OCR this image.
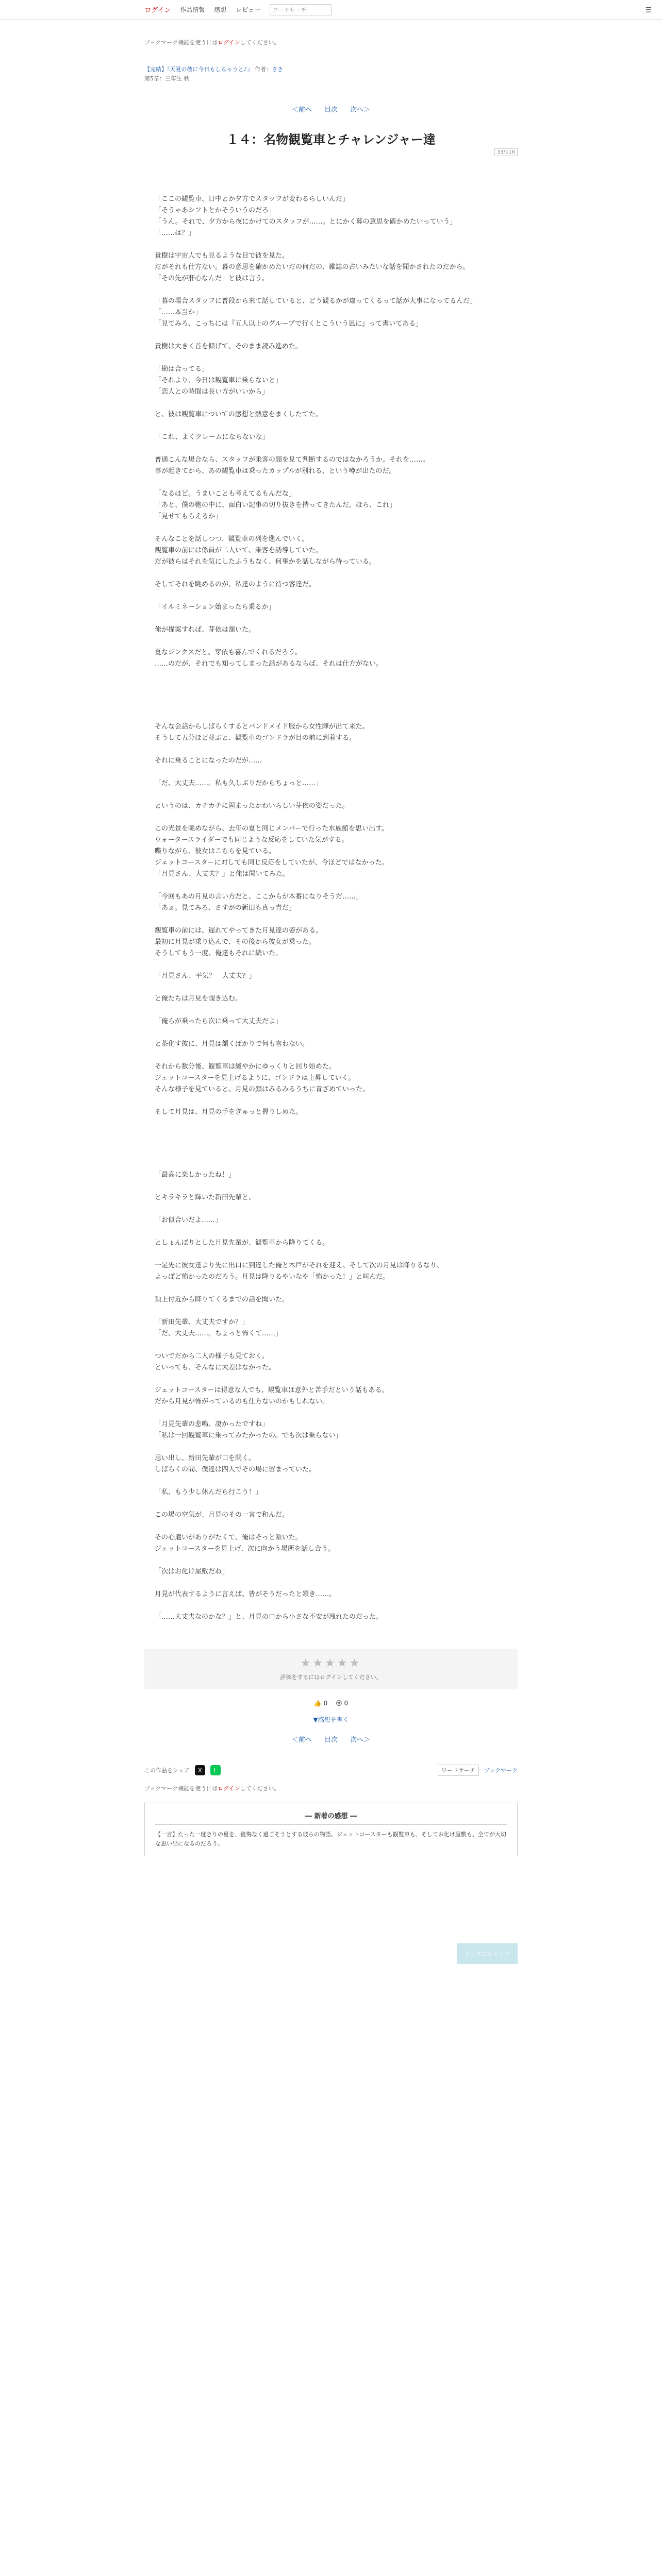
ログイン 作品情報 感想 レビュー	ワードサーチ	☰
ブックマーク機能を使うにはログインしてください。
【完結】『天夏の彼に今日もしちゃうと♪』 作者：さき
第5章：三年生 秋
＜前へ 目次 次へ＞
33/116
１４：名物観覧車とチャレンジャー達

「ここの観覧車、日中とか夕方でスタッフが変わるらしいんだ」

「そうゃあシフトとかそういうのだろ」

「うん。それで、夕方から夜にかけてのスタッフが……。とにかく暮の意思を確かめたいっていう」

「……は？」

貴樹は宇宙人でも見るような目で彼を見た。

だがそれも仕方ない。暮の意思を確かめたいだの何だの、雑誌の占いみたいな話を聞かされたのだから。

「その先が肝心なんだ」と彼は言う。

「暮の場合スタッフに普段から来て話していると、どう観るかが違ってくるって話が大事になってるんだ」

「……本当か」

「見てみろ、こっちには『五人以上のグループで行くとこういう風に』って書いてある」

貴樹は大きく首を傾げて、そのまま読み進めた。

「勘は合ってる」

「それより、今日は観覧車に乗らないと」

「恋人との時間は長い方がいいから」

と、彼は観覧車についての感想と熱意をまくしたてた。

「これ、よくクレームにならないな」

普通こんな場合なら、スタッフが乗客の顔を見て判断するのではなかろうか。それを……。

事が起きてから、あの観覧車は乗ったカップルが別れる、という噂が出たのだ。

「なるほど。うまいことも考えてるもんだな」

「あと、僕の鞄の中に、面白い記事の切り抜きを持ってきたんだ。ほら、これ」

「見せてもらえるか」

そんなことを話しつつ、観覧車の列を進んでいく。

観覧車の前には係員が二人いて、乗客を誘導していた。

だが彼らはそれを気にしたふうもなく、何事かを話しながら待っている。

そしてそれを眺めるのが、私達のように待つ客達だ。

「イルミネーション始まったら乗るか」

俺が提案すれば、芽依は頷いた。

夏なジンクスだと、芽依も喜んでくれるだろう。

……のだが、それでも知ってしまった話があるならば、それは仕方がない。

そんな会話からしばらくするとバンドメイド服から女性陣が出て来た。

そうして五分ほど並ぶと、観覧車のゴンドラが目の前に到着する。

それに乗ることになったのだが……

「だ、大丈夫……。私も久しぶりだからちょっと……」

というのは、カチカチに固まったかわいらしい芽依の姿だった。

この光景を眺めながら、去年の夏と同じメンバーで行った水族館を思い出す。

ウォータースライダーでも同じような反応をしていた気がする。

喋りながら、彼女はこちらを見ている。

ジェットコースターに対しても同じ反応をしていたが、今ほどではなかった。

「月見さん、大丈夫？」と俺は聞いてみた。

「今回もあの月見の言い方だと、ここからが本番になりそうだ……」

「あぁ。見てみろ、さすがの新田も真っ青だ」

観覧車の前には、遅れてやってきた月見達の姿がある。

最初に月見が乗り込んで、その後から彼女が乗った。

そうしてもう一度、俺達もそれに続いた。

「月見さん、平気？　大丈夫？」

と俺たちは月見を覗き込む。

「俺らが乗ったら次に乗って大丈夫だよ」

と茶化す彼に、月見は頷くばかりで何も言わない。

それから数分後、観覧車は緩やかにゆっくりと回り始めた。

ジェットコースターを見上げるように、ゴンドラは上昇していく。

そんな様子を見ていると、月見の顔はみるみるうちに青ざめていった。

そして月見は、月見の手をぎゅっと握りしめた。

「最高に楽しかったね！」

とキラキラと輝いた新田先輩と、

「お似合いだよ……」

としょんぼりとした月見先輩が、観覧車から降りてくる。

一足先に彼女達より先に出口に到達した俺と木戸がそれを迎え、そして次の月見は降りるなり、

よっぽど怖かったのだろう。月見は降りるやいなや「怖かった！」と叫んだ。

頂上付近から降りてくるまでの話を聞いた。

「新田先輩、大丈夫ですか？」

「だ、大丈夫……。ちょっと怖くて……」

ついでだから二人の様子も見ておく。

といっても、そんなに大差はなかった。

ジェットコースターは得意な人でも、観覧車は意外と苦手だという話もある。

だから月見が怖がっているのも仕方ないのかもしれない。

「月見先輩の悲鳴、凄かったですね」

「私は一回観覧車に乗ってみたかったの。でも次は乗らない」

思い出し、新田先輩が口を開く。

しばらくの間、僕達は四人でその場に留まっていた。

「私、もう少し休んだら行こう！」

この場の空気が、月見のその一言で和んだ。

その心遣いがありがたくて、俺はそっと頷いた。

ジェットコースターを見上げ、次に向かう場所を話し合う。

「次はお化け屋敷だね」

月見が代表するように言えば、皆がそうだったと頷き……。

「……大丈夫なのかな？」と、月見の口から小さな不安が洩れたのだった。

トップにジャンプ
★★★★★
評価をするにはログインしてください。
👍 0 😢 0
▼感想を書く
＜前へ 目次 次へ＞
この作品をシェア	X	L	ワードサーチ	ブックマーク
ブックマーク機能を使うにはログインしてください。
― 新着の感想 ―
【一言】たった一度きりの夏を、後悔なく過ごそうとする彼らの物語。ジェットコースターも観覧車も、そしてお化け屋敷も、全てが大切な思い出になるのだろう。
